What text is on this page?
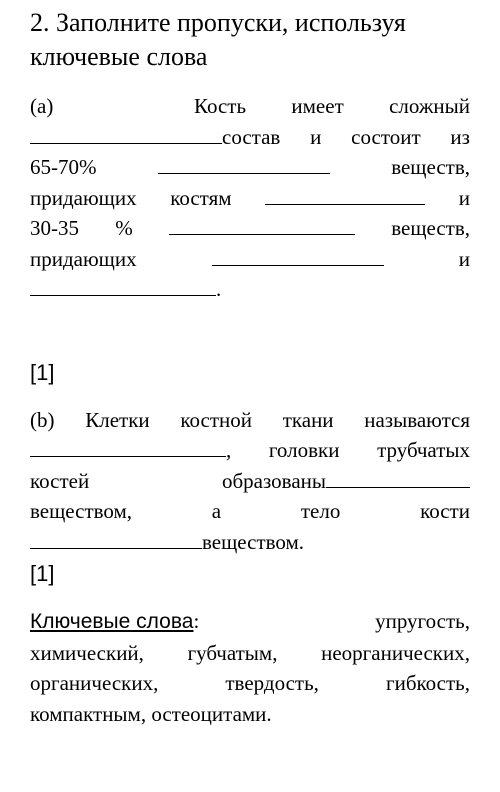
2. Заполните пропуски, используя ключевые слова
(a)	Кость имеет сложный
состав и состоит из
65-70%	веществ,
придающих костям	и
30-35 %	веществ,
придающих	и
.
[1]
(b) Клетки костной ткани называются
, головки трубчатых
костей	образованы
веществом,	а	тело	кости
веществом.
[1]
Ключевые слова:	упругость,
химический, губчатым, неорганических,
органических,	твердость,	гибкость,
компактным, остеоцитами.
